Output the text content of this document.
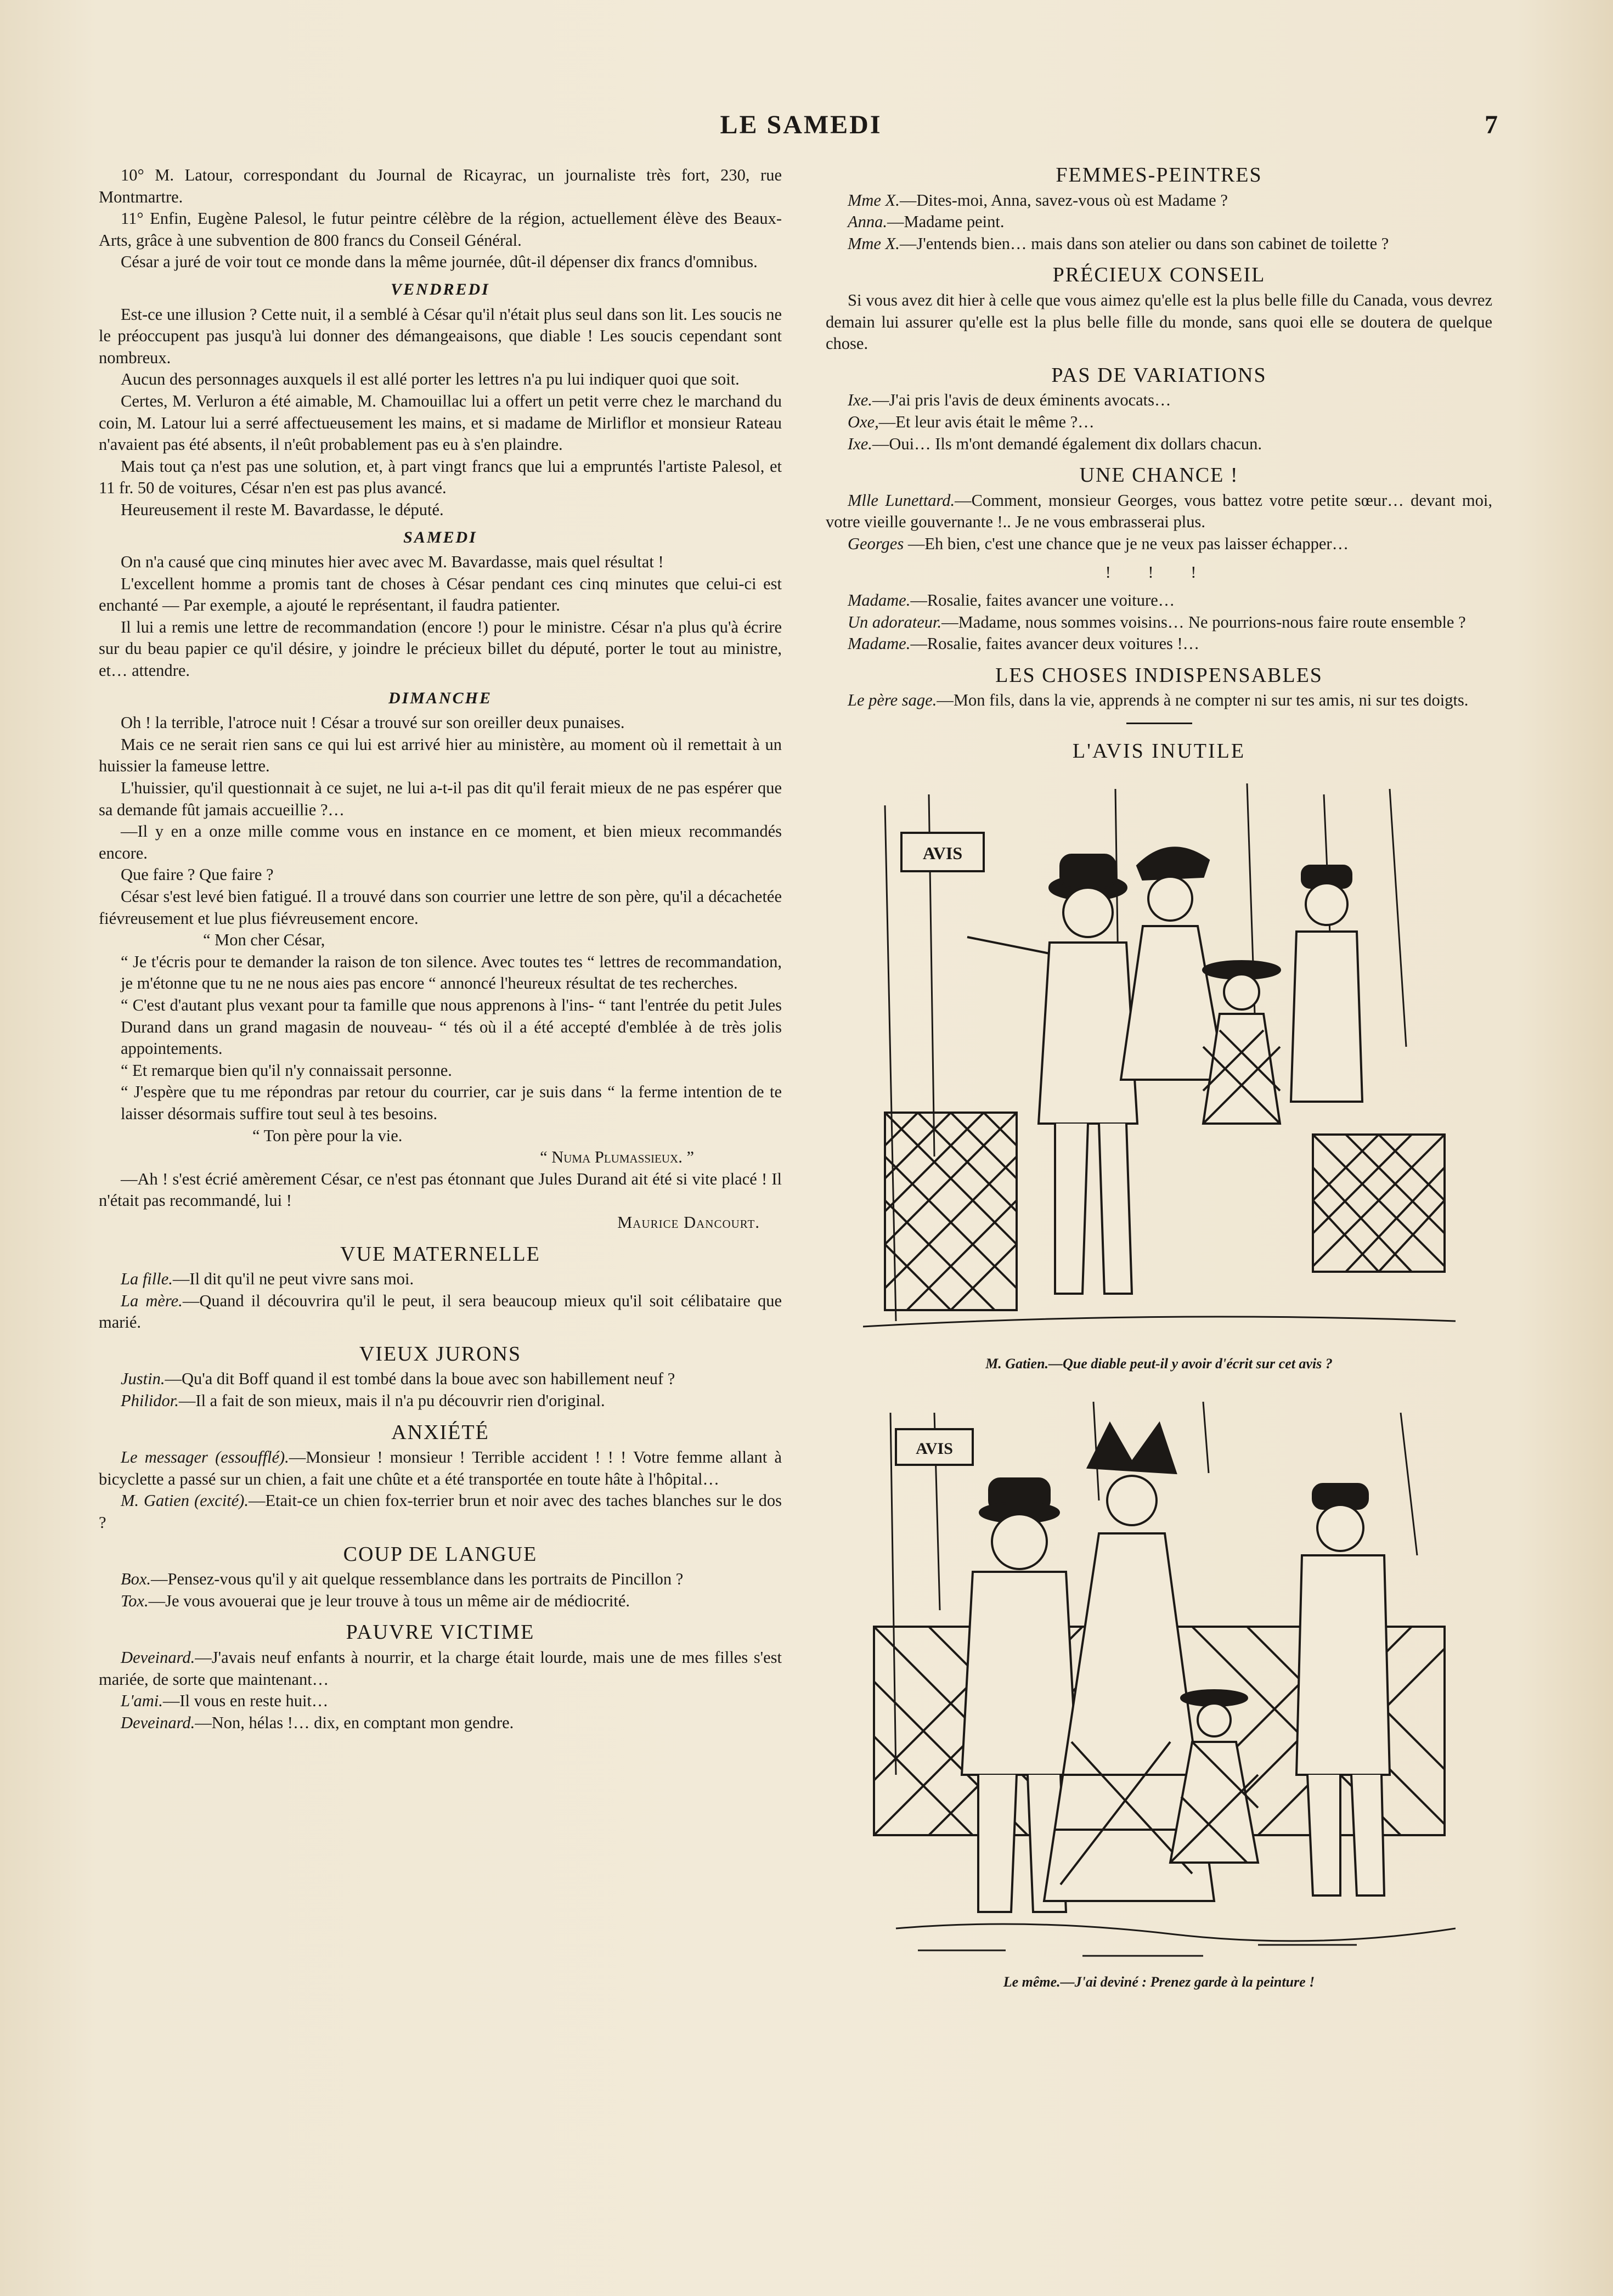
LE SAMEDI	7

10° M. Latour, correspondant du Journal de Ricayrac, un journaliste très fort, 230, rue Montmartre.

11° Enfin, Eugène Palesol, le futur peintre célèbre de la région, actuellement élève des Beaux-Arts, grâce à une subvention de 800 francs du Conseil Général.

César a juré de voir tout ce monde dans la même journée, dût-il dépenser dix francs d'omnibus.

VENDREDI

Est-ce une illusion ? Cette nuit, il a semblé à César qu'il n'était plus seul dans son lit. Les soucis ne le préoccupent pas jusqu'à lui donner des démangeaisons, que diable ! Les soucis cependant sont nombreux.

Aucun des personnages auxquels il est allé porter les lettres n'a pu lui indiquer quoi que soit.

Certes, M. Verluron a été aimable, M. Chamouillac lui a offert un petit verre chez le marchand du coin, M. Latour lui a serré affectueusement les mains, et si madame de Mirliflor et monsieur Rateau n'avaient pas été absents, il n'eût probablement pas eu à s'en plaindre.

Mais tout ça n'est pas une solution, et, à part vingt francs que lui a empruntés l'artiste Palesol, et 11 fr. 50 de voitures, César n'en est pas plus avancé.

Heureusement il reste M. Bavardasse, le député.

SAMEDI

On n'a causé que cinq minutes hier avec avec M. Bavardasse, mais quel résultat !

L'excellent homme a promis tant de choses à César pendant ces cinq minutes que celui-ci est enchanté — Par exemple, a ajouté le représentant, il faudra patienter.

Il lui a remis une lettre de recommandation (encore !) pour le ministre. César n'a plus qu'à écrire sur du beau papier ce qu'il désire, y joindre le précieux billet du député, porter le tout au ministre, et… attendre.

DIMANCHE

Oh ! la terrible, l'atroce nuit ! César a trouvé sur son oreiller deux punaises.

Mais ce ne serait rien sans ce qui lui est arrivé hier au ministère, au moment où il remettait à un huissier la fameuse lettre.

L'huissier, qu'il questionnait à ce sujet, ne lui a-t-il pas dit qu'il ferait mieux de ne pas espérer que sa demande fût jamais accueillie ?…

—Il y en a onze mille comme vous en instance en ce moment, et bien mieux recommandés encore.

Que faire ? Que faire ?

César s'est levé bien fatigué. Il a trouvé dans son courrier une lettre de son père, qu'il a décachetée fiévreusement et lue plus fiévreusement encore.

“ Mon cher César,

“ Je t'écris pour te demander la raison de ton silence. Avec toutes tes “ lettres de recommandation, je m'étonne que tu ne ne nous aies pas encore “ annoncé l'heureux résultat de tes recherches.

“ C'est d'autant plus vexant pour ta famille que nous apprenons à l'ins- “ tant l'entrée du petit Jules Durand dans un grand magasin de nouveau- “ tés où il a été accepté d'emblée à de très jolis appointements.

“ Et remarque bien qu'il n'y connaissait personne.

“ J'espère que tu me répondras par retour du courrier, car je suis dans “ la ferme intention de te laisser désormais suffire tout seul à tes besoins.

“ Ton père pour la vie.

“ Numa Plumassieux. ”

—Ah ! s'est écrié amèrement César, ce n'est pas étonnant que Jules Durand ait été si vite placé ! Il n'était pas recommandé, lui !

Maurice Dancourt.

VUE MATERNELLE

La fille.—Il dit qu'il ne peut vivre sans moi.

La mère.—Quand il découvrira qu'il le peut, il sera beaucoup mieux qu'il soit célibataire que marié.

VIEUX JURONS

Justin.—Qu'a dit Boff quand il est tombé dans la boue avec son habillement neuf ?

Philidor.—Il a fait de son mieux, mais il n'a pu découvrir rien d'original.

ANXIÉTÉ

Le messager (essoufflé).—Monsieur ! monsieur ! Terrible accident ! ! ! Votre femme allant à bicyclette a passé sur un chien, a fait une chûte et a été transportée en toute hâte à l'hôpital…

M. Gatien (excité).—Etait-ce un chien fox-terrier brun et noir avec des taches blanches sur le dos ?

COUP DE LANGUE

Box.—Pensez-vous qu'il y ait quelque ressemblance dans les portraits de Pincillon ?

Tox.—Je vous avouerai que je leur trouve à tous un même air de médiocrité.

PAUVRE VICTIME

Deveinard.—J'avais neuf enfants à nourrir, et la charge était lourde, mais une de mes filles s'est mariée, de sorte que maintenant…

L'ami.—Il vous en reste huit…

Deveinard.—Non, hélas !… dix, en comptant mon gendre.

FEMMES-PEINTRES

Mme X.—Dites-moi, Anna, savez-vous où est Madame ?

Anna.—Madame peint.

Mme X.—J'entends bien… mais dans son atelier ou dans son cabinet de toilette ?

PRÉCIEUX CONSEIL

Si vous avez dit hier à celle que vous aimez qu'elle est la plus belle fille du Canada, vous devrez demain lui assurer qu'elle est la plus belle fille du monde, sans quoi elle se doutera de quelque chose.

PAS DE VARIATIONS

Ixe.—J'ai pris l'avis de deux éminents avocats…

Oxe,—Et leur avis était le même ?…

Ixe.—Oui… Ils m'ont demandé également dix dollars chacun.

UNE CHANCE !

Mlle Lunettard.—Comment, monsieur Georges, vous battez votre petite sœur… devant moi, votre vieille gouvernante !.. Je ne vous embrasserai plus.

Georges —Eh bien, c'est une chance que je ne veux pas laisser échapper…

! ! !

Madame.—Rosalie, faites avancer une voiture…

Un adorateur.—Madame, nous sommes voisins… Ne pourrions-nous faire route ensemble ?

Madame.—Rosalie, faites avancer deux voitures !…

LES CHOSES INDISPENSABLES

Le père sage.—Mon fils, dans la vie, apprends à ne compter ni sur tes amis, ni sur tes doigts.

L'AVIS INUTILE
AVIS
M. Gatien.—Que diable peut-il y avoir d'écrit sur cet avis ?
AVIS
Le même.—J'ai deviné : Prenez garde à la peinture !
